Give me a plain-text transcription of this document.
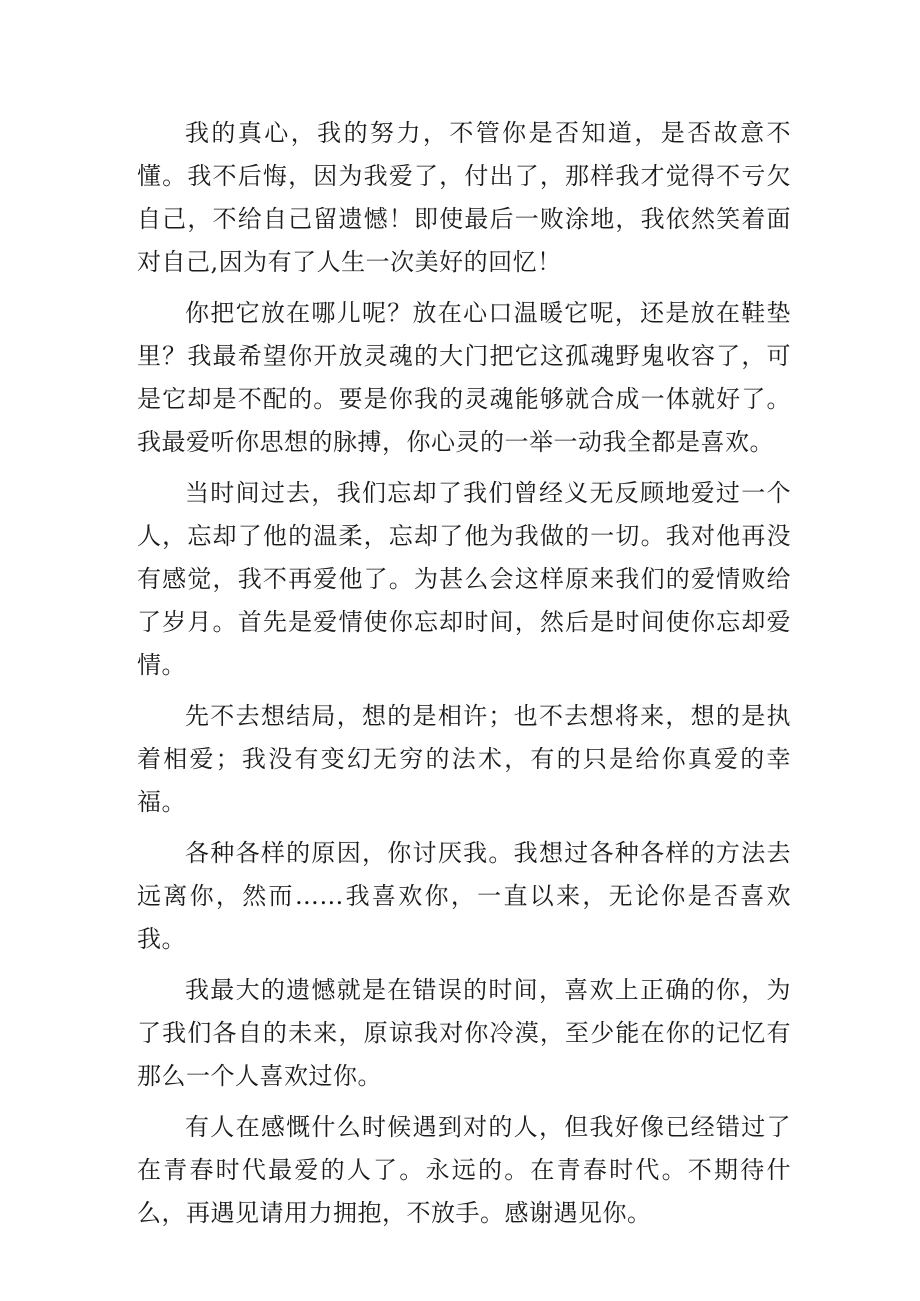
我的真心，我的努力，不管你是否知道，是否故意不懂。我不后悔，因为我爱了，付出了，那样我才觉得不亏欠自己，不给自己留遗憾！即使最后一败涂地，我依然笑着面对自己,因为有了人生一次美好的回忆！

你把它放在哪儿呢？放在心口温暖它呢，还是放在鞋垫里？我最希望你开放灵魂的大门把它这孤魂野鬼收容了，可是它却是不配的。要是你我的灵魂能够就合成一体就好了。我最爱听你思想的脉搏，你心灵的一举一动我全都是喜欢。

当时间过去，我们忘却了我们曾经义无反顾地爱过一个人，忘却了他的温柔，忘却了他为我做的一切。我对他再没有感觉，我不再爱他了。为甚么会这样原来我们的爱情败给了岁月。首先是爱情使你忘却时间，然后是时间使你忘却爱情。

先不去想结局，想的是相许；也不去想将来，想的是执着相爱；我没有变幻无穷的法术，有的只是给你真爱的幸福。

各种各样的原因，你讨厌我。我想过各种各样的方法去远离你，然而……我喜欢你，一直以来，无论你是否喜欢我。

我最大的遗憾就是在错误的时间，喜欢上正确的你，为了我们各自的未来，原谅我对你冷漠，至少能在你的记忆有那么一个人喜欢过你。

有人在感慨什么时候遇到对的人，但我好像已经错过了在青春时代最爱的人了。永远的。在青春时代。不期待什么，再遇见请用力拥抱，不放手。感谢遇见你。
